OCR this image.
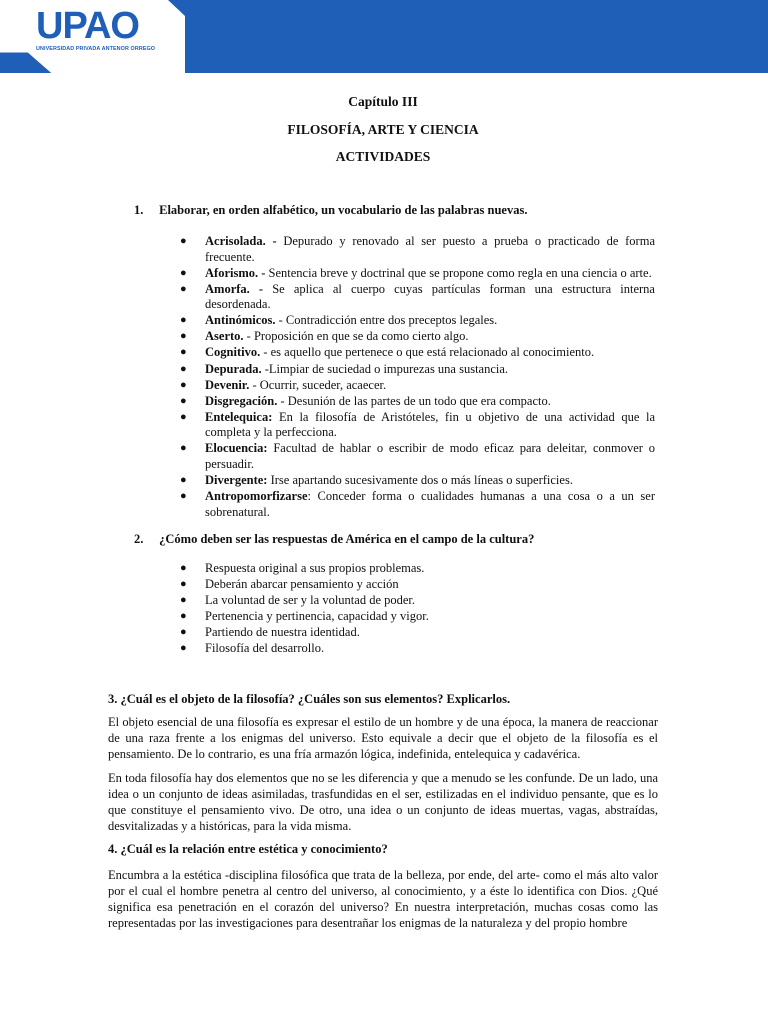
UPAO
UNIVERSIDAD PRIVADA ANTENOR ORREGO
Capítulo III
FILOSOFÍA, ARTE Y CIENCIA
ACTIVIDADES
1. Elaborar, en orden alfabético, un vocabulario de las palabras nuevas.
● Acrisolada. - Depurado y renovado al ser puesto a prueba o practicado de forma frecuente.
● Aforismo. - Sentencia breve y doctrinal que se propone como regla en una ciencia o arte.
● Amorfa. - Se aplica al cuerpo cuyas partículas forman una estructura interna desordenada.
● Antinómicos. - Contradicción entre dos preceptos legales.
● Aserto. - Proposición en que se da como cierto algo.
● Cognitivo. - es aquello que pertenece o que está relacionado al conocimiento.
● Depurada. -Limpiar de suciedad o impurezas una sustancia.
● Devenir. - Ocurrir, suceder, acaecer.
● Disgregación. - Desunión de las partes de un todo que era compacto.
● Entelequica: En la filosofía de Aristóteles, fin u objetivo de una actividad que la completa y la perfecciona.
● Elocuencia: Facultad de hablar o escribir de modo eficaz para deleitar, conmover o persuadir.
● Divergente: Irse apartando sucesivamente dos o más líneas o superficies.
● Antropomorfizarse: Conceder forma o cualidades humanas a una cosa o a un ser sobrenatural.
2. ¿Cómo deben ser las respuestas de América en el campo de la cultura?
● Respuesta original a sus propios problemas.
● Deberán abarcar pensamiento y acción
● La voluntad de ser y la voluntad de poder.
● Pertenencia y pertinencia, capacidad y vigor.
● Partiendo de nuestra identidad.
● Filosofía del desarrollo.
3. ¿Cuál es el objeto de la filosofía? ¿Cuáles son sus elementos? Explicarlos.

El objeto esencial de una filosofía es expresar el estilo de un hombre y de una época, la manera de reaccionar de una raza frente a los enigmas del universo. Esto equivale a decir que el objeto de la filosofía es el pensamiento. De lo contrario, es una fría armazón lógica, indefinida, entelequica y cadavérica.

En toda filosofía hay dos elementos que no se les diferencia y que a menudo se les confunde. De un lado, una idea o un conjunto de ideas asimiladas, trasfundidas en el ser, estilizadas en el individuo pensante, que es lo que constituye el pensamiento vivo. De otro, una idea o un conjunto de ideas muertas, vagas, abstraídas, desvitalizadas y a históricas, para la vida misma.

4. ¿Cuál es la relación entre estética y conocimiento?

Encumbra a la estética -disciplina filosófica que trata de la belleza, por ende, del arte- como el más alto valor por el cual el hombre penetra al centro del universo, al conocimiento, y a éste lo identifica con Dios. ¿Qué significa esa penetración en el corazón del universo? En nuestra interpretación, muchas cosas como las representadas por las investigaciones para desentrañar los enigmas de la naturaleza y del propio hombre
